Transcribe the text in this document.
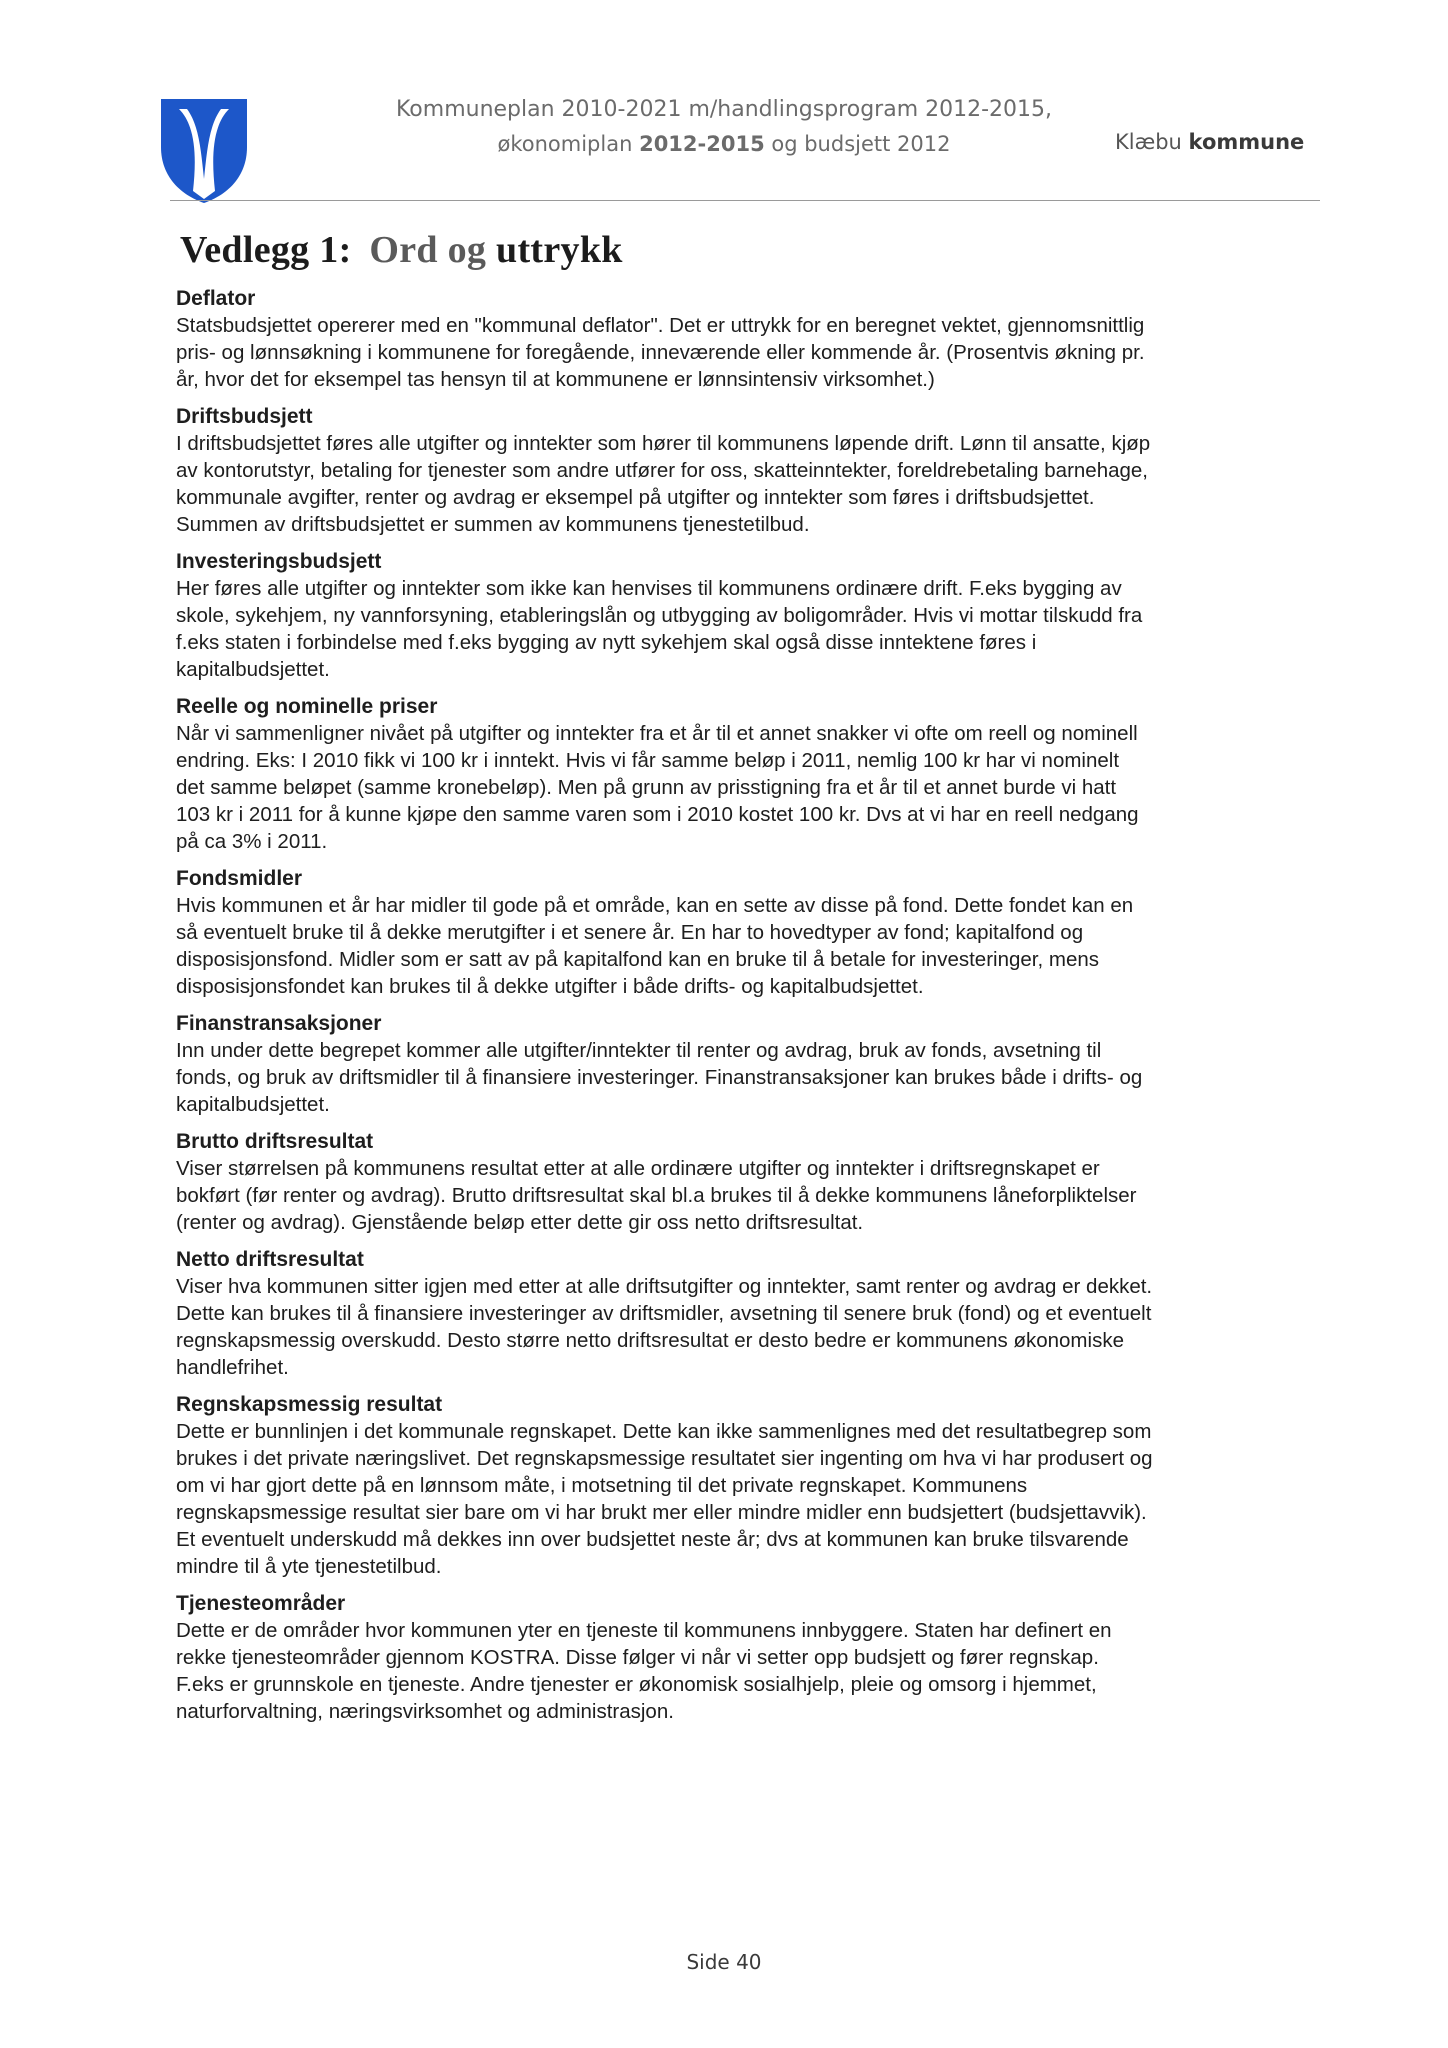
Kommuneplan 2010-2021 m/handlingsprogram 2012-2015,
økonomiplan 2012-2015 og budsjett 2012	Klæbu kommune
Vedlegg 1: Ord og uttrykk
Deflator
Statsbudsjettet opererer med en "kommunal deflator". Det er uttrykk for en beregnet vektet, gjennomsnittlig
pris- og lønnsøkning i kommunene for foregående, inneværende eller kommende år. (Prosentvis økning pr.
år, hvor det for eksempel tas hensyn til at kommunene er lønnsintensiv virksomhet.)
Driftsbudsjett
I driftsbudsjettet føres alle utgifter og inntekter som hører til kommunens løpende drift. Lønn til ansatte, kjøp
av kontorutstyr, betaling for tjenester som andre utfører for oss, skatteinntekter, foreldrebetaling barnehage,
kommunale avgifter, renter og avdrag er eksempel på utgifter og inntekter som føres i driftsbudsjettet.
Summen av driftsbudsjettet er summen av kommunens tjenestetilbud.
Investeringsbudsjett
Her føres alle utgifter og inntekter som ikke kan henvises til kommunens ordinære drift. F.eks bygging av
skole, sykehjem, ny vannforsyning, etableringslån og utbygging av boligområder. Hvis vi mottar tilskudd fra
f.eks staten i forbindelse med f.eks bygging av nytt sykehjem skal også disse inntektene føres i
kapitalbudsjettet.
Reelle og nominelle priser
Når vi sammenligner nivået på utgifter og inntekter fra et år til et annet snakker vi ofte om reell og nominell
endring. Eks: I 2010 fikk vi 100 kr i inntekt. Hvis vi får samme beløp i 2011, nemlig 100 kr har vi nominelt
det samme beløpet (samme kronebeløp). Men på grunn av prisstigning fra et år til et annet burde vi hatt
103 kr i 2011 for å kunne kjøpe den samme varen som i 2010 kostet 100 kr. Dvs at vi har en reell nedgang
på ca 3% i 2011.
Fondsmidler
Hvis kommunen et år har midler til gode på et område, kan en sette av disse på fond. Dette fondet kan en
så eventuelt bruke til å dekke merutgifter i et senere år. En har to hovedtyper av fond; kapitalfond og
disposisjonsfond. Midler som er satt av på kapitalfond kan en bruke til å betale for investeringer, mens
disposisjonsfondet kan brukes til å dekke utgifter i både drifts- og kapitalbudsjettet.
Finanstransaksjoner
Inn under dette begrepet kommer alle utgifter/inntekter til renter og avdrag, bruk av fonds, avsetning til
fonds, og bruk av driftsmidler til å finansiere investeringer. Finanstransaksjoner kan brukes både i drifts- og
kapitalbudsjettet.
Brutto driftsresultat
Viser størrelsen på kommunens resultat etter at alle ordinære utgifter og inntekter i driftsregnskapet er
bokført (før renter og avdrag). Brutto driftsresultat skal bl.a brukes til å dekke kommunens låneforpliktelser
(renter og avdrag). Gjenstående beløp etter dette gir oss netto driftsresultat.
Netto driftsresultat
Viser hva kommunen sitter igjen med etter at alle driftsutgifter og inntekter, samt renter og avdrag er dekket.
Dette kan brukes til å finansiere investeringer av driftsmidler, avsetning til senere bruk (fond) og et eventuelt
regnskapsmessig overskudd. Desto større netto driftsresultat er desto bedre er kommunens økonomiske
handlefrihet.
Regnskapsmessig resultat
Dette er bunnlinjen i det kommunale regnskapet. Dette kan ikke sammenlignes med det resultatbegrep som
brukes i det private næringslivet. Det regnskapsmessige resultatet sier ingenting om hva vi har produsert og
om vi har gjort dette på en lønnsom måte, i motsetning til det private regnskapet. Kommunens
regnskapsmessige resultat sier bare om vi har brukt mer eller mindre midler enn budsjettert (budsjettavvik).
Et eventuelt underskudd må dekkes inn over budsjettet neste år; dvs at kommunen kan bruke tilsvarende
mindre til å yte tjenestetilbud.
Tjenesteområder
Dette er de områder hvor kommunen yter en tjeneste til kommunens innbyggere. Staten har definert en
rekke tjenesteområder gjennom KOSTRA. Disse følger vi når vi setter opp budsjett og fører regnskap.
F.eks er grunnskole en tjeneste. Andre tjenester er økonomisk sosialhjelp, pleie og omsorg i hjemmet,
naturforvaltning, næringsvirksomhet og administrasjon.
Side 40
